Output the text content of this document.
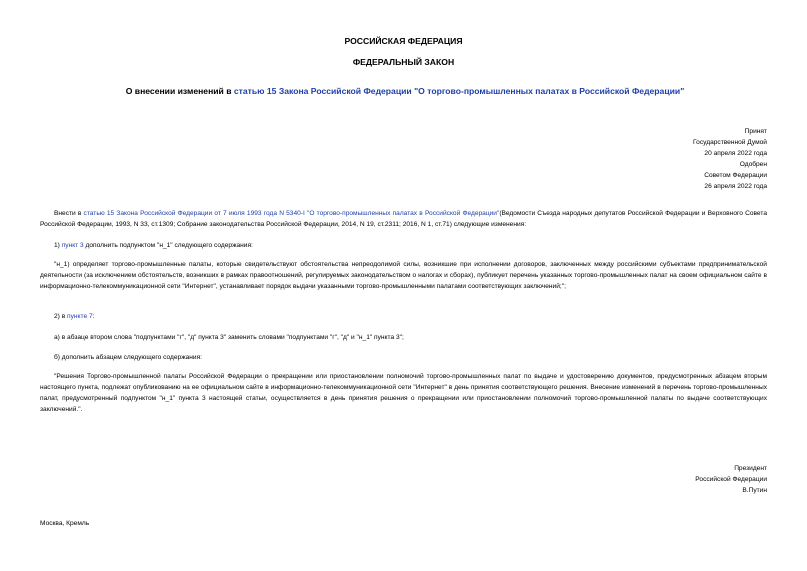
РОССИЙСКАЯ ФЕДЕРАЦИЯ
ФЕДЕРАЛЬНЫЙ ЗАКОН
О внесении изменений в статью 15 Закона Российской Федерации "О торгово-промышленных палатах в Российской Федерации"
Принят
Государственной Думой
20 апреля 2022 года
Одобрен
Советом Федерации
26 апреля 2022 года
Внести в статью 15 Закона Российской Федерации от 7 июля 1993 года N 5340-I "О торгово-промышленных палатах в Российской Федерации"(Ведомости Съезда народных депутатов Российской Федерации и Верховного Совета Российской Федерации, 1993, N 33, ст.1309; Собрание законодательства Российской Федерации, 2014, N 19, ст.2311; 2016, N 1, ст.71) следующие изменения:
1) пункт 3 дополнить подпунктом "н_1" следующего содержания:
"н_1) определяет торгово-промышленные палаты, которые свидетельствуют обстоятельства непреодолимой силы, возникшие при исполнении договоров, заключенных между российскими субъектами предпринимательской деятельности (за исключением обстоятельств, возникших в рамках правоотношений, регулируемых законодательством о налогах и сборах), публикует перечень указанных торгово-промышленных палат на своем официальном сайте в информационно-телекоммуникационной сети "Интернет", устанавливает порядок выдачи указанными торгово-промышленными палатами соответствующих заключений;";
2) в пункте 7:
а) в абзаце втором слова "подпунктами "г", "д" пункта 3" заменить словами "подпунктами "г", "д" и "н_1" пункта 3";
б) дополнить абзацем следующего содержания:
"Решения Торгово-промышленной палаты Российской Федерации о прекращении или приостановлении полномочий торгово-промышленных палат по выдаче и удостоверению документов, предусмотренных абзацем вторым настоящего пункта, подлежат опубликованию на ее официальном сайте в информационно-телекоммуникационной сети "Интернет" в день принятия соответствующего решения. Внесение изменений в перечень торгово-промышленных палат, предусмотренный подпунктом "н_1" пункта 3 настоящей статьи, осуществляется в день принятия решения о прекращении или приостановлении полномочий торгово-промышленной палаты по выдаче соответствующих заключений.".
Президент
Российской Федерации
В.Путин
Москва, Кремль
